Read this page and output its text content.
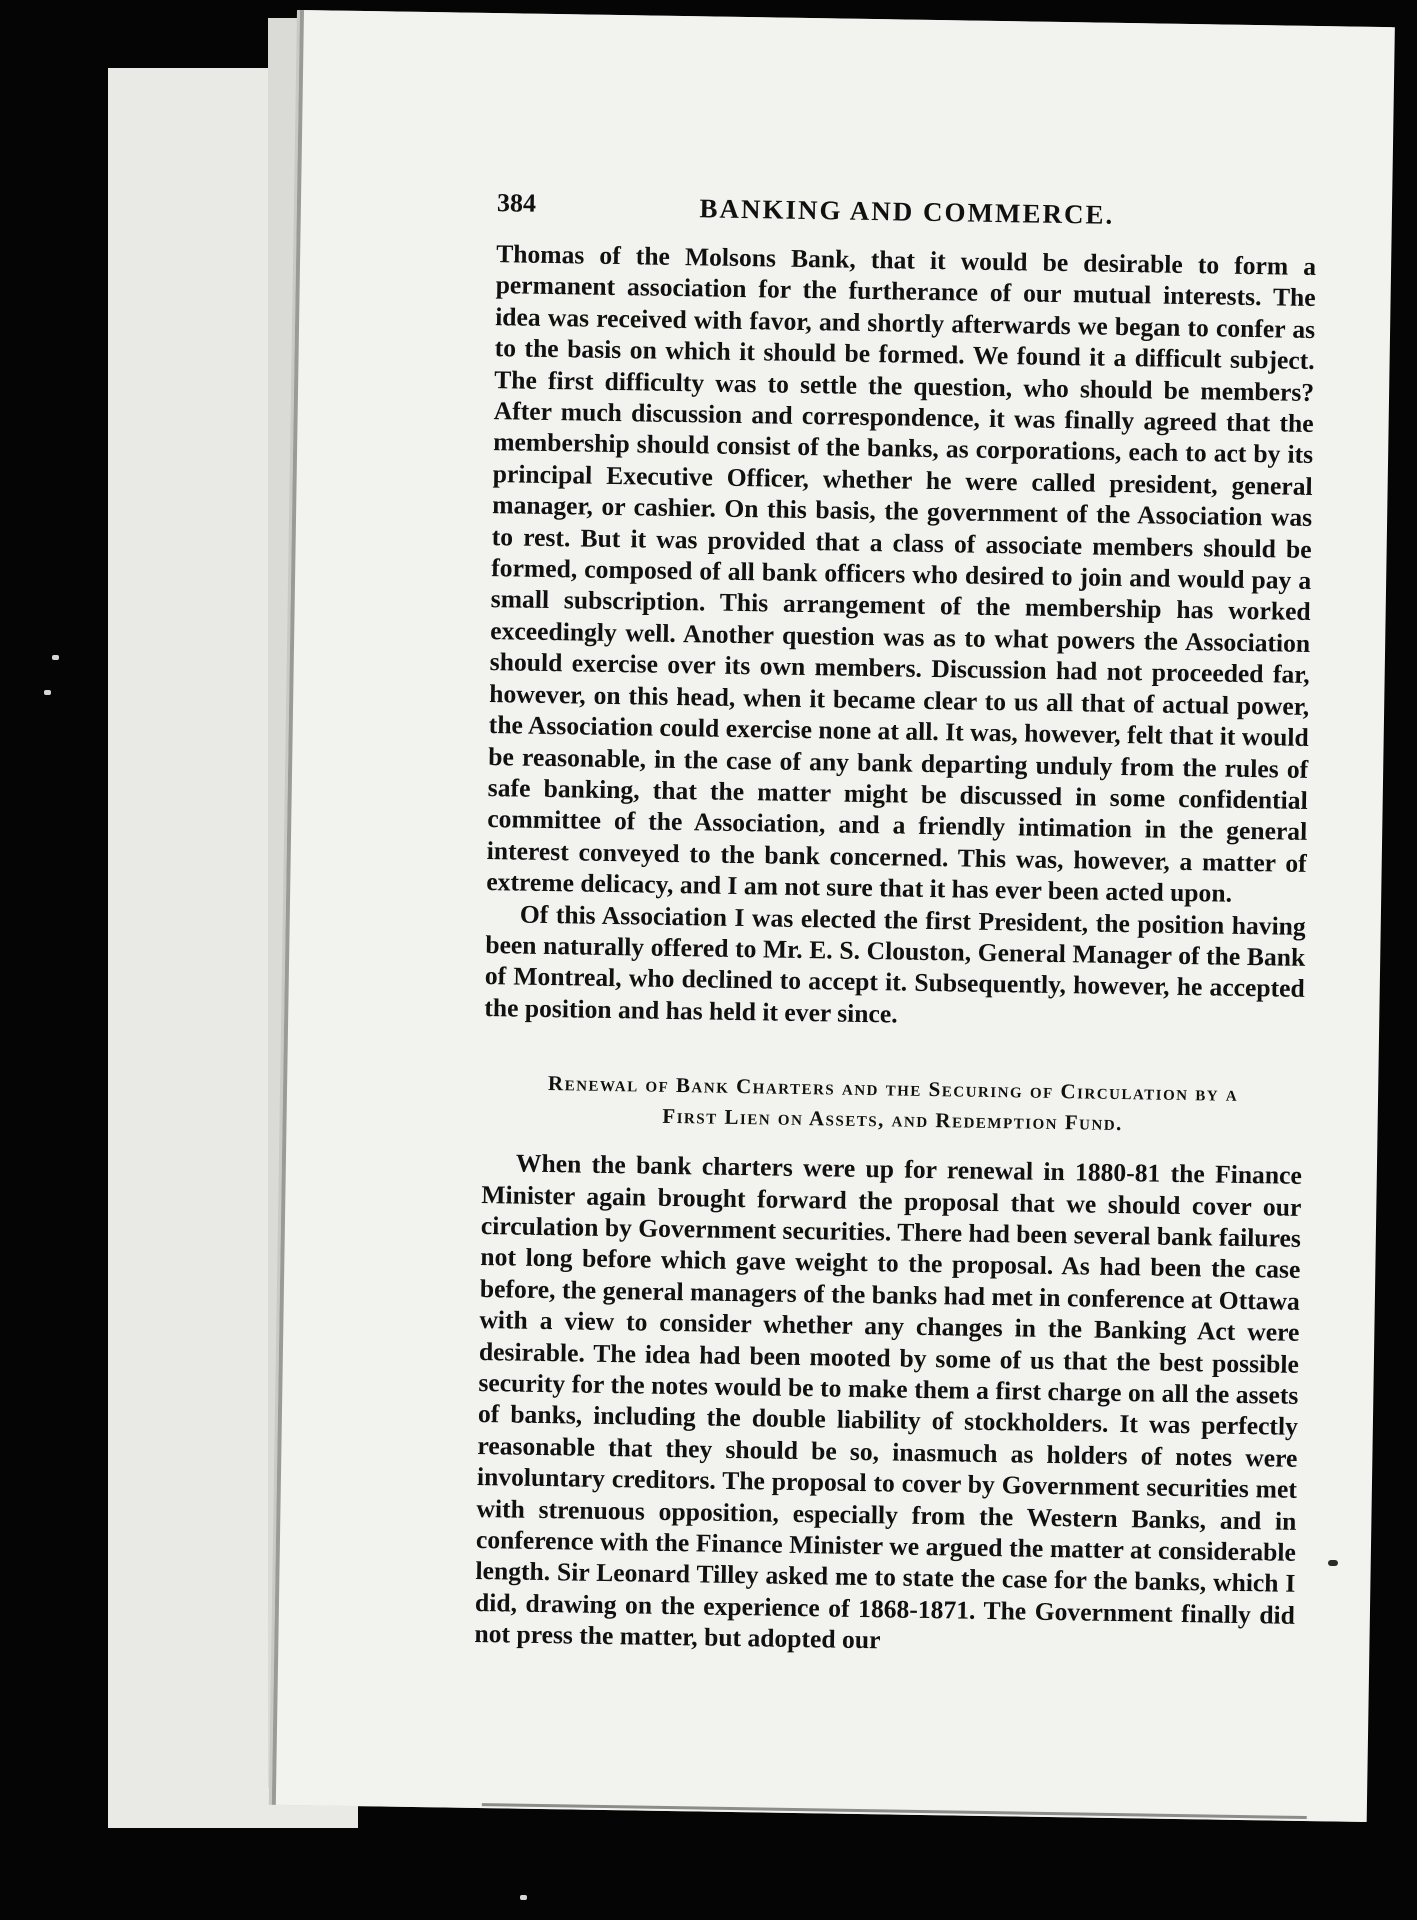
384	BANKING AND COMMERCE.

Thomas of the Molsons Bank, that it would be desirable to form a permanent association for the furtherance of our mutual interests. The idea was received with favor, and shortly afterwards we began to confer as to the basis on which it should be formed. We found it a difficult subject. The first difficulty was to settle the question, who should be members? After much discussion and correspondence, it was finally agreed that the membership should consist of the banks, as corporations, each to act by its principal Executive Officer, whether he were called president, general manager, or cashier. On this basis, the government of the Association was to rest. But it was provided that a class of associate members should be formed, composed of all bank officers who desired to join and would pay a small subscription. This arrangement of the membership has worked exceedingly well. Another question was as to what powers the Association should exercise over its own members. Discussion had not proceeded far, however, on this head, when it became clear to us all that of actual power, the Association could exercise none at all. It was, however, felt that it would be reasonable, in the case of any bank departing unduly from the rules of safe banking, that the matter might be discussed in some confidential committee of the Association, and a friendly intimation in the general interest conveyed to the bank concerned. This was, however, a matter of extreme delicacy, and I am not sure that it has ever been acted upon.

Of this Association I was elected the first President, the position having been naturally offered to Mr. E. S. Clouston, General Manager of the Bank of Montreal, who declined to accept it. Subsequently, however, he accepted the position and has held it ever since.

Renewal of Bank Charters and the Securing of Circulation by a
First Lien on Assets, and Redemption Fund.

When the bank charters were up for renewal in 1880-81 the Finance Minister again brought forward the proposal that we should cover our circulation by Government securities. There had been several bank failures not long before which gave weight to the proposal. As had been the case before, the general managers of the banks had met in conference at Ottawa with a view to consider whether any changes in the Banking Act were desirable. The idea had been mooted by some of us that the best possible security for the notes would be to make them a first charge on all the assets of banks, including the double liability of stockholders. It was perfectly reasonable that they should be so, inasmuch as holders of notes were involuntary creditors. The proposal to cover by Government securities met with strenuous opposition, especially from the Western Banks, and in conference with the Finance Minister we argued the matter at considerable length. Sir Leonard Tilley asked me to state the case for the banks, which I did, drawing on the experience of 1868-1871. The Government finally did not press the matter, but adopted our
